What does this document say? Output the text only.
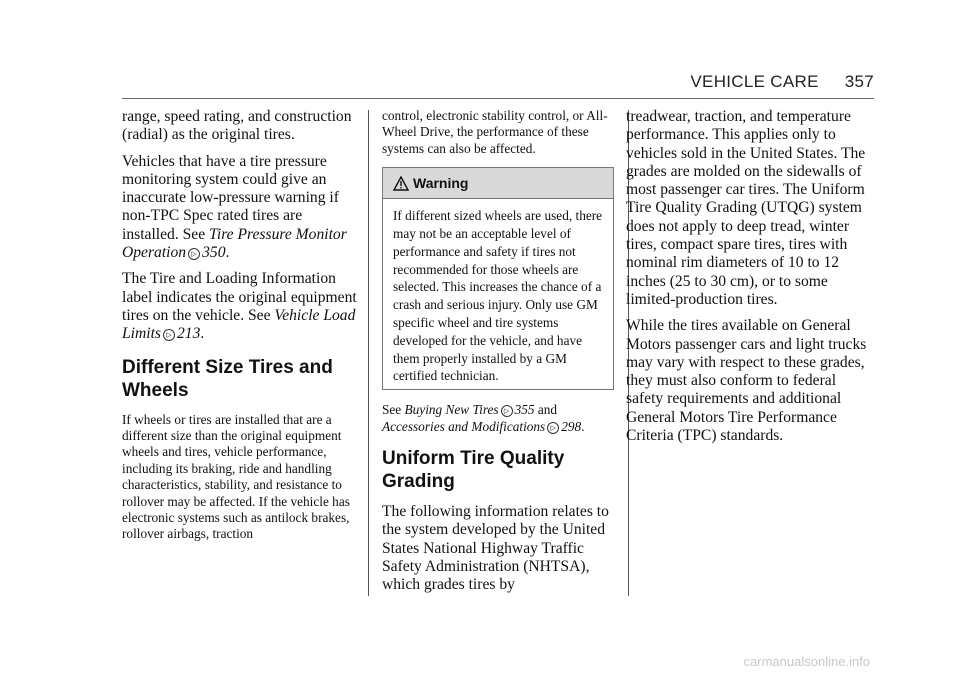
VEHICLE CARE 357

range, speed rating, and construction (radial) as the original tires.

Vehicles that have a tire pressure monitoring system could give an inaccurate low-pressure warning if non-TPC Spec rated tires are installed. See Tire Pressure Monitor Operation ▷ 350.

The Tire and Loading Information label indicates the original equipment tires on the vehicle. See Vehicle Load Limits ▷ 213.

Different Size Tires and Wheels

If wheels or tires are installed that are a different size than the original equipment wheels and tires, vehicle performance, including its braking, ride and handling characteristics, stability, and resistance to rollover may be affected. If the vehicle has electronic systems such as antilock brakes, rollover airbags, traction

control, electronic stability control, or All-Wheel Drive, the performance of these systems can also be affected.

Warning

If different sized wheels are used, there may not be an acceptable level of performance and safety if tires not recommended for those wheels are selected. This increases the chance of a crash and serious injury. Only use GM specific wheel and tire systems developed for the vehicle, and have them properly installed by a GM certified technician.

See Buying New Tires ▷ 355 and Accessories and Modifications ▷ 298.

Uniform Tire Quality Grading

The following information relates to the system developed by the United States National Highway Traffic Safety Administration (NHTSA), which grades tires by

treadwear, traction, and temperature performance. This applies only to vehicles sold in the United States. The grades are molded on the sidewalls of most passenger car tires. The Uniform Tire Quality Grading (UTQG) system does not apply to deep tread, winter tires, compact spare tires, tires with nominal rim diameters of 10 to 12 inches (25 to 30 cm), or to some limited-production tires.

While the tires available on General Motors passenger cars and light trucks may vary with respect to these grades, they must also conform to federal safety requirements and additional General Motors Tire Performance Criteria (TPC) standards.

carmanualsonline.info
